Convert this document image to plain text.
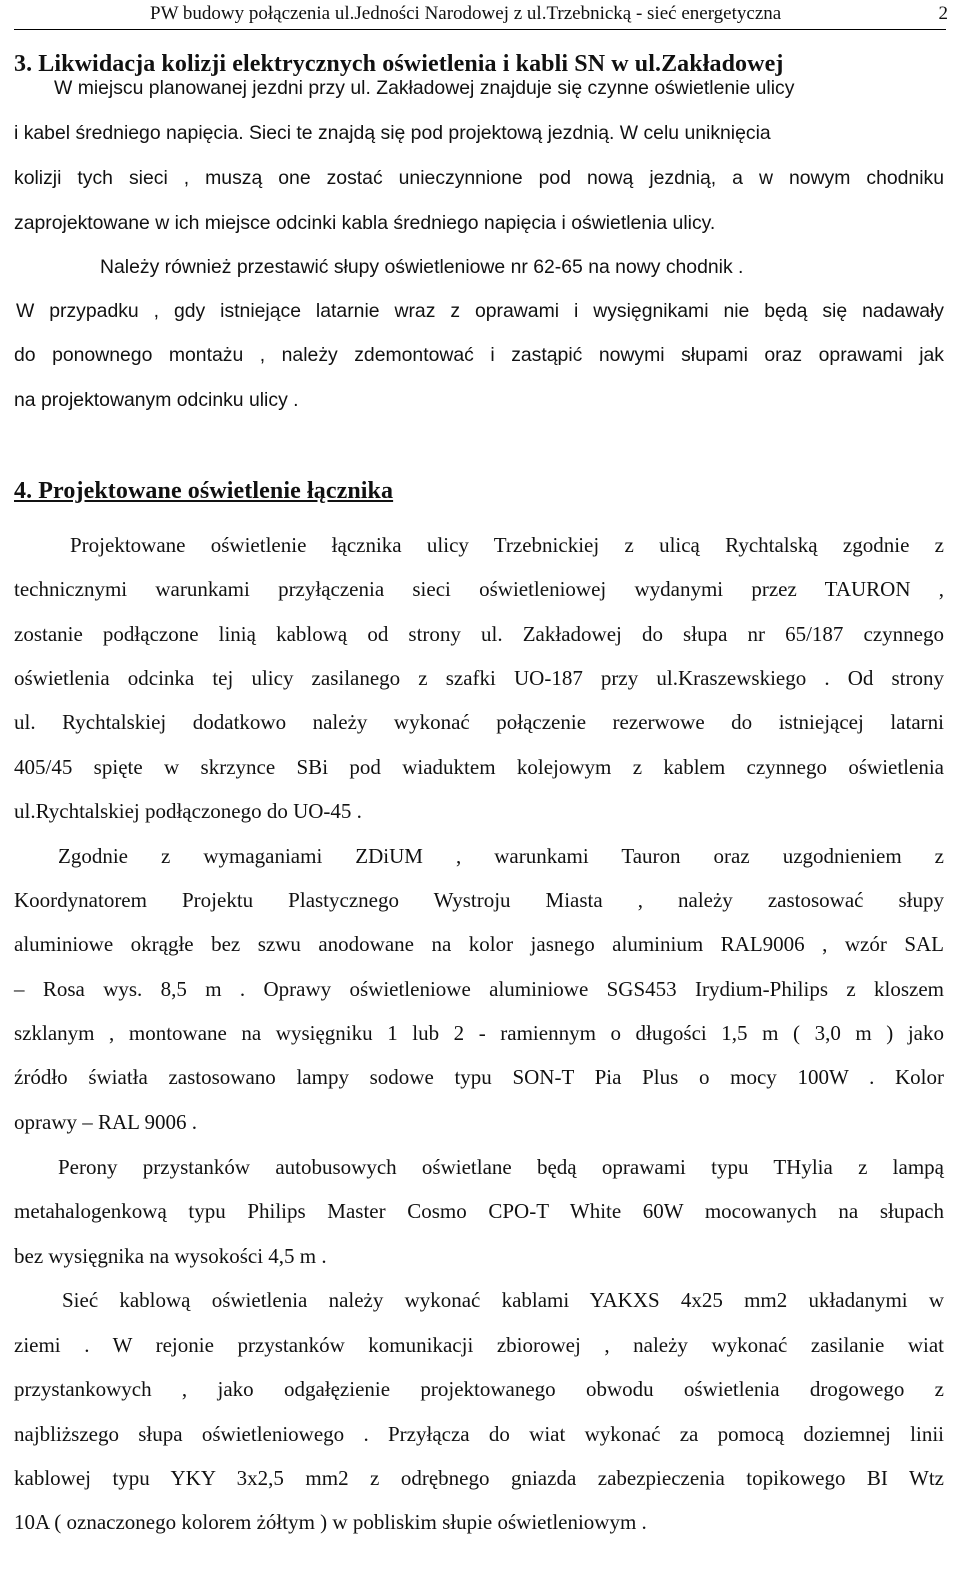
PW budowy połączenia ul.Jedności Narodowej z ul.Trzebnicką - sieć energetyczna	2
3. Likwidacja kolizji elektrycznych oświetlenia i kabli SN w ul.Zakładowej
W miejscu planowanej jezdni przy ul. Zakładowej znajduje się czynne oświetlenie ulicy
i kabel średniego napięcia. Sieci te znajdą się pod projektową jezdnią. W celu uniknięcia
kolizji tych sieci , muszą one zostać unieczynnione pod nową jezdnią, a w nowym chodniku
zaprojektowane w ich miejsce odcinki kabla średniego napięcia i oświetlenia ulicy.
Należy również przestawić słupy oświetleniowe nr 62-65 na nowy chodnik .
W przypadku , gdy istniejące latarnie wraz z oprawami i wysięgnikami nie będą się nadawały
do ponownego montażu , należy zdemontować i zastąpić nowymi słupami oraz oprawami jak
na projektowanym odcinku ulicy .
4. Projektowane oświetlenie łącznika
Projektowane oświetlenie łącznika ulicy Trzebnickiej z ulicą Rychtalską zgodnie z
technicznymi warunkami przyłączenia sieci oświetleniowej wydanymi przez TAURON ,
zostanie podłączone linią kablową od strony ul. Zakładowej do słupa nr 65/187 czynnego
oświetlenia odcinka tej ulicy zasilanego z szafki UO-187 przy ul.Kraszewskiego . Od strony
ul. Rychtalskiej dodatkowo należy wykonać połączenie rezerwowe do istniejącej latarni
405/45 spięte w skrzynce SBi pod wiaduktem kolejowym z kablem czynnego oświetlenia
ul.Rychtalskiej podłączonego do UO-45 .
Zgodnie z wymaganiami ZDiUM , warunkami Tauron oraz uzgodnieniem z
Koordynatorem Projektu Plastycznego Wystroju Miasta , należy zastosować słupy
aluminiowe okrągłe bez szwu anodowane na kolor jasnego aluminium RAL9006 , wzór SAL
– Rosa wys. 8,5 m . Oprawy oświetleniowe aluminiowe SGS453 Irydium-Philips z kloszem
szklanym , montowane na wysięgniku 1 lub 2 - ramiennym o długości 1,5 m ( 3,0 m ) jako
źródło światła zastosowano lampy sodowe typu SON-T Pia Plus o mocy 100W . Kolor
oprawy – RAL 9006 .
Perony przystanków autobusowych oświetlane będą oprawami typu THylia z lampą
metahalogenkową typu Philips Master Cosmo CPO-T White 60W mocowanych na słupach
bez wysięgnika na wysokości 4,5 m .
Sieć kablową oświetlenia należy wykonać kablami YAKXS 4x25 mm2 układanymi w
ziemi . W rejonie przystanków komunikacji zbiorowej , należy wykonać zasilanie wiat
przystankowych , jako odgałęzienie projektowanego obwodu oświetlenia drogowego z
najbliższego słupa oświetleniowego . Przyłącza do wiat wykonać za pomocą doziemnej linii
kablowej typu YKY 3x2,5 mm2 z odrębnego gniazda zabezpieczenia topikowego BI Wtz
10A ( oznaczonego kolorem żółtym ) w pobliskim słupie oświetleniowym .
